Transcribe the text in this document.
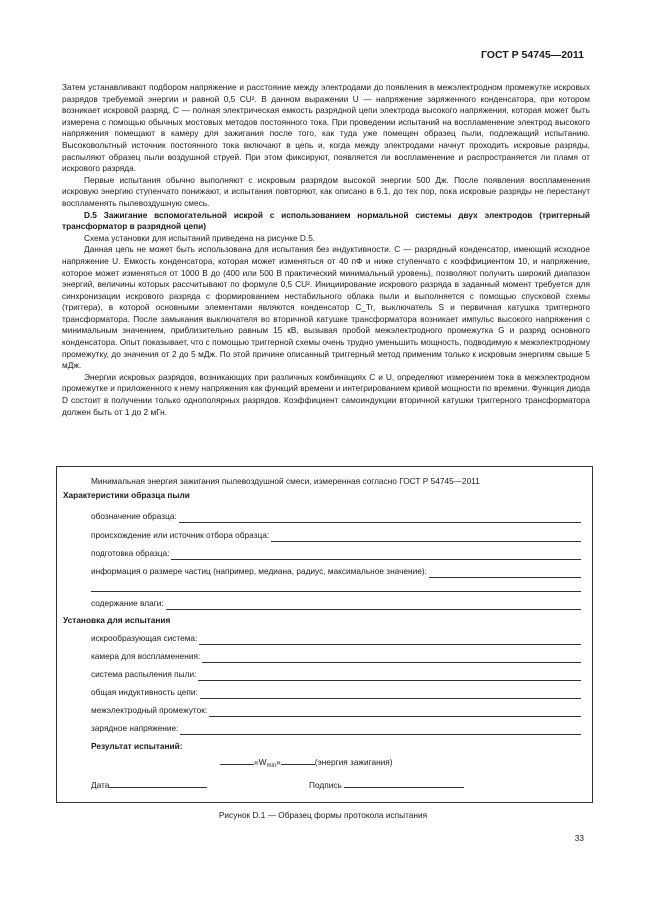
ГОСТ Р 54745—2011

Затем устанавливают подбором напряжение и расстояние между электродами до появления в межэлектродном промежутке искровых разрядов требуемой энергии и равной 0,5 CU². В данном выражении U — напряжение заряженного конденсатора, при котором возникает искровой разряд, C — полная электрическая емкость разрядной цепи электрода высокого напряжения, которая может быть измерена с помощью обычных мостовых методов постоянного тока. При проведении испытаний на воспламенение электрод высокого напряжения помещают в камеру для зажигания после того, как туда уже помещен образец пыли, подлежащий испытанию. Высоковольтный источник постоянного тока включают в цепь и, когда между электродами начнут проходить искровые разряды, распыляют образец пыли воздушной струей. При этом фиксируют, появляется ли воспламенение и распространяется ли пламя от искрового разряда.

Первые испытания обычно выполняют с искровым разрядом высокой энергии 500 Дж. После появления воспламенения искровую энергию ступенчато понижают, и испытания повторяют, как описано в 6.1, до тех пор, пока искровые разряды не перестанут воспламенять пылевоздушную смесь.

D.5 Зажигание вспомогательной искрой с использованием нормальной системы двух электродов (триггерный трансформатор в разрядной цепи)

Схема установки для испытаний приведена на рисунке D.5.

Данная цепь не может быть использована для испытания без индуктивности. C — разрядный конденсатор, имеющий исходное напряжение U. Емкость конденсатора, которая может изменяться от 40 пФ и ниже ступенчато с коэффициентом 10, и напряжение, которое может изменяться от 1000 В до (400 или 500 В практический минимальный уровень), позволяют получить широкий диапазон энергий, величины которых рассчитывают по формуле 0,5 CU². Инициирование искрового разряда в заданный момент требуется для синхронизации искрового разряда с формированием нестабильного облака пыли и выполняется с помощью спусковой схемы (триггера), в которой основными элементами являются конденсатор C_Tr, выключатель S и первичная катушка триггерного трансформатора. После замыкания выключателя во вторичной катушке трансформатора возникает импульс высокого напряжения с минимальным значением, приблизительно равным 15 кВ, вызывая пробой межэлектродного промежутка G и разряд основного конденсатора. Опыт показывает, что с помощью триггерной схемы очень трудно уменьшить мощность, подводимую к межэлектродному промежутку, до значения от 2 до 5 мДж. По этой причине описанный триггерный метод применим только к искровым энергиям свыше 5 мДж.

Энергии искровых разрядов, возникающих при различных комбинациях C и U, определяют измерением тока в межэлектродном промежутке и приложенного к нему напряжения как функций времени и интегрированием кривой мощности по времени. Функция диода D состоит в получении только однополярных разрядов. Коэффициент самоиндукции вторичной катушки триггерного трансформатора должен быть от 1 до 2 мГн.

Минимальная энергия зажигания пылевоздушной смеси, измеренная согласно ГОСТ Р 54745—2011
Характеристики образца пыли
обозначение образца:
происхождение или источник отбора образца:
подготовка образца:
информация о размере частиц (например, медиана, радиус, максимальное значение):
содержание влаги:
Установка для испытания
искрообразующая система:
камера для воспламенения:
система распыления пыли:
общая индуктивность цепи:
межэлектродный промежуток:
зарядное напряжение:
Результат испытаний:
«$W_{min}$»	(энергия зажигания)
Дата	Подпись
Рисунок D.1 — Образец формы протокола испытания
33
